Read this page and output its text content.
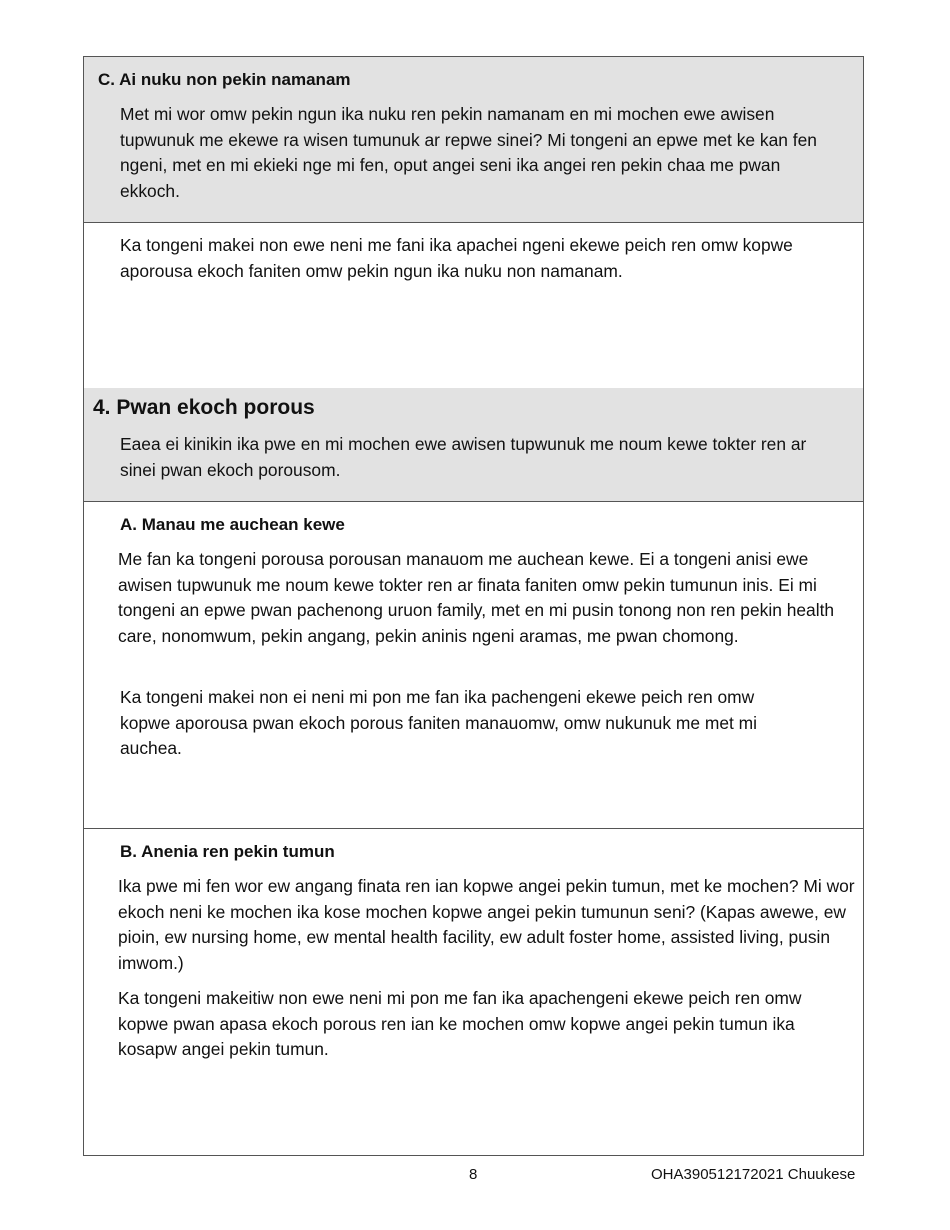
C. Ai nuku non pekin namanam

Met mi wor omw pekin ngun ika nuku ren pekin namanam en mi mochen ewe awisen tupwunuk me ekewe ra wisen tumunuk ar repwe sinei? Mi tongeni an epwe met ke kan fen ngeni, met en mi ekieki nge mi fen, oput angei seni ika angei ren pekin chaa me pwan ekkoch.

Ka tongeni makei non ewe neni me fani ika apachei ngeni ekewe peich ren omw kopwe aporousa ekoch faniten omw pekin ngun ika nuku non namanam.

4. Pwan ekoch porous

Eaea ei kinikin ika pwe en mi mochen ewe awisen tupwunuk me noum kewe tokter ren ar sinei pwan ekoch porousom.

A. Manau me auchean kewe

Me fan ka tongeni porousa porousan manauom me auchean kewe. Ei a tongeni anisi ewe awisen tupwunuk me noum kewe tokter ren ar finata faniten omw pekin tumunun inis. Ei mi tongeni an epwe pwan pachenong uruon family, met en mi pusin tonong non ren pekin health care, nonomwum, pekin angang, pekin aninis ngeni aramas, me pwan chomong.

Ka tongeni makei non ei neni mi pon me fan ika pachengeni ekewe peich ren omw kopwe aporousa pwan ekoch porous faniten manauomw, omw nukunuk me met mi auchea.

B. Anenia ren pekin tumun

Ika pwe mi fen wor ew angang finata ren ian kopwe angei pekin tumun, met ke mochen? Mi wor ekoch neni ke mochen ika kose mochen kopwe angei pekin tumunun seni? (Kapas awewe, ew pioin, ew nursing home, ew mental health facility, ew adult foster home, assisted living, pusin imwom.)

Ka tongeni makeitiw non ewe neni mi pon me fan ika apachengeni ekewe peich ren omw kopwe pwan apasa ekoch porous ren ian ke mochen omw kopwe angei pekin tumun ika kosapw angei pekin tumun.

8	OHA390512172021 Chuukese
